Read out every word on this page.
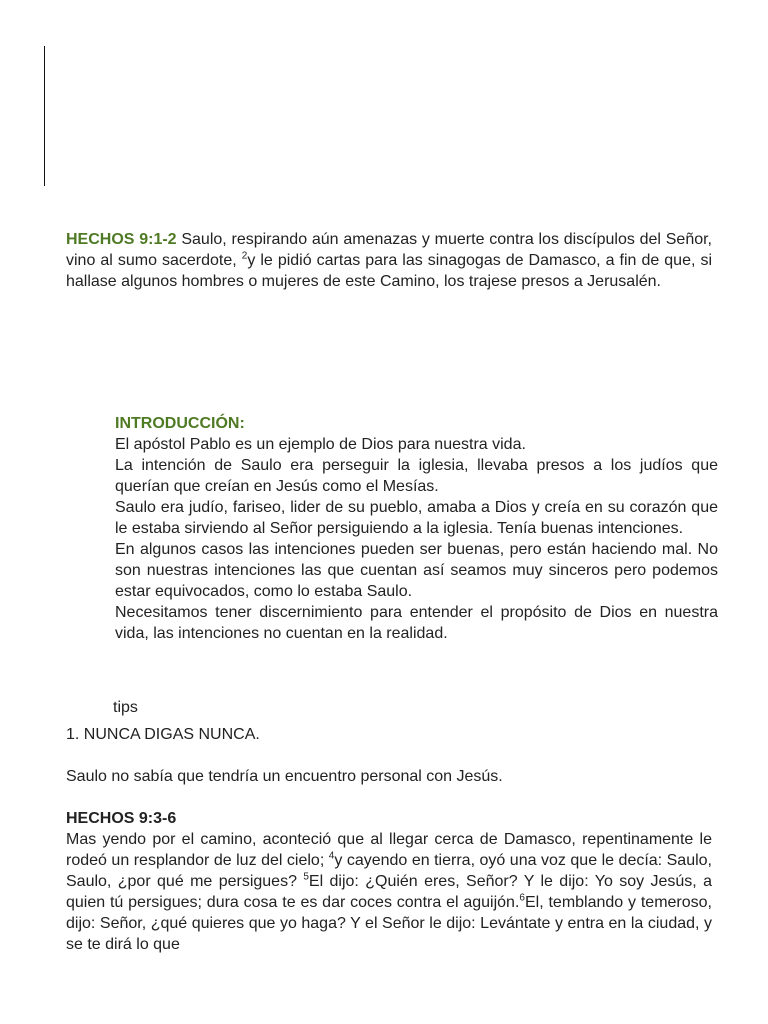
HECHOS 9:1-2 Saulo, respirando aún amenazas y muerte contra los discípulos del Señor, vino al sumo sacerdote, $^2$y le pidió cartas para las sinagogas de Damasco, a fin de que, si hallase algunos hombres o mujeres de este Camino, los trajese presos a Jerusalén.

INTRODUCCIÓN:
El apóstol Pablo es un ejemplo de Dios para nuestra vida.
La intención de Saulo era perseguir la iglesia, llevaba presos a los judíos que querían que creían en Jesús como el Mesías.
Saulo era judío, fariseo, lider de su pueblo, amaba a Dios y creía en su corazón que le estaba sirviendo al Señor persiguiendo a la iglesia. Tenía buenas intenciones.
En algunos casos las intenciones pueden ser buenas, pero están haciendo mal. No son nuestras intenciones las que cuentan así seamos muy sinceros pero podemos estar equivocados, como lo estaba Saulo.
Necesitamos tener discernimiento para entender el propósito de Dios en nuestra vida, las intenciones no cuentan en la realidad.
tips
1. NUNCA DIGAS NUNCA.
Saulo no sabía que tendría un encuentro personal con Jesús.
HECHOS 9:3-6

Mas yendo por el camino, aconteció que al llegar cerca de Damasco, repentinamente le rodeó un resplandor de luz del cielo; $^4$y cayendo en tierra, oyó una voz que le decía: Saulo, Saulo, ¿por qué me persigues? $^5$El dijo: ¿Quién eres, Señor? Y le dijo: Yo soy Jesús, a quien tú persigues; dura cosa te es dar coces contra el aguijón.$^6$El, temblando y temeroso, dijo: Señor, ¿qué quieres que yo haga? Y el Señor le dijo: Levántate y entra en la ciudad, y se te dirá lo que
